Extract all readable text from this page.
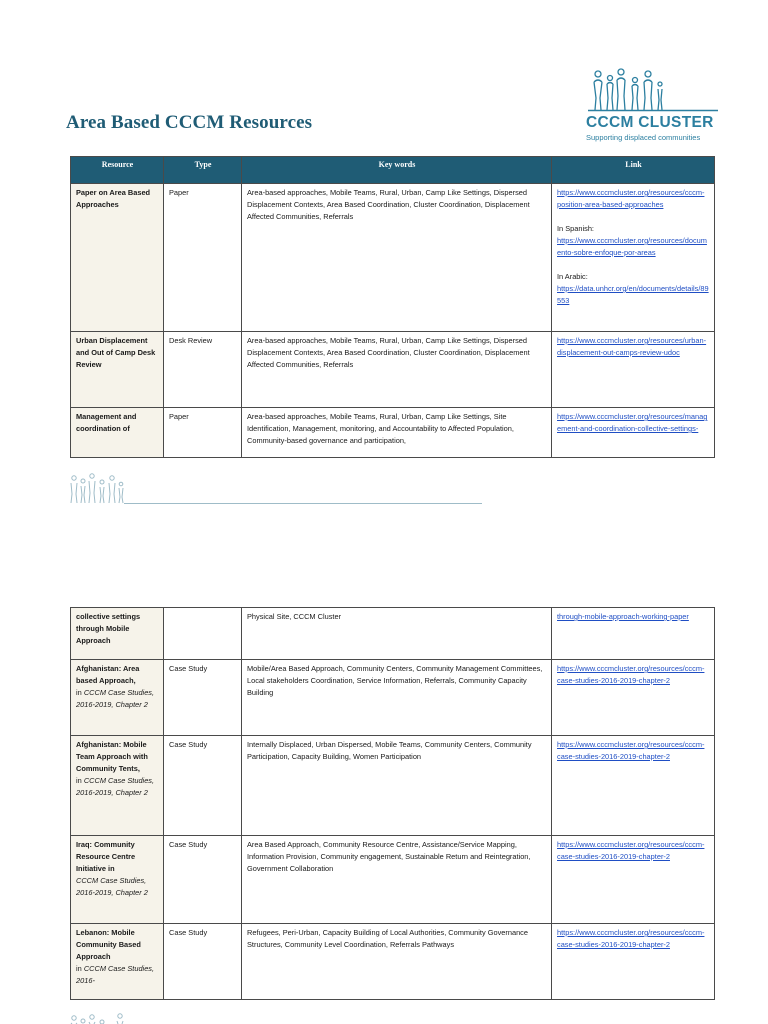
Area Based CCCM Resources	CCCM CLUSTER
Supporting displaced communities
Resource	Type	Key words	Link
Paper on Area Based Approaches	Paper	Area-based approaches, Mobile Teams, Rural, Urban, Camp Like Settings, Dispersed Displacement Contexts, Area Based Coordination, Cluster Coordination, Displacement Affected Communities, Referrals	https://www.cccmcluster.org/resources/cccm-position-area-based-approaches
In Spanish:
https://www.cccmcluster.org/resources/documento-sobre-enfoque-por-areas
In Arabic:
https://data.unhcr.org/en/documents/details/89553

Urban Displacement and Out of Camp Desk Review	Desk Review	Area-based approaches, Mobile Teams, Rural, Urban, Camp Like Settings, Dispersed Displacement Contexts, Area Based Coordination, Cluster Coordination, Displacement Affected Communities, Referrals	https://www.cccmcluster.org/resources/urban-displacement-out-camps-review-udoc

Management and coordination of	Paper	Area-based approaches, Mobile Teams, Rural, Urban, Camp Like Settings, Site Identification, Management, monitoring, and Accountability to Affected Population, Community-based governance and participation,	https://www.cccmcluster.org/resources/management-and-coordination-collective-settings-
collective settings through Mobile Approach		Physical Site, CCCM Cluster	through-mobile-approach-working-paper

Afghanistan: Area based Approach,
in CCCM Case Studies, 2016-2019, Chapter 2	Case Study	Mobile/Area Based Approach, Community Centers, Community Management Committees, Local stakeholders Coordination, Service Information, Referrals, Community Capacity Building	https://www.cccmcluster.org/resources/cccm-case-studies-2016-2019-chapter-2

Afghanistan: Mobile Team Approach with Community Tents,
in CCCM Case Studies, 2016-2019, Chapter 2	Case Study	Internally Displaced, Urban Dispersed, Mobile Teams, Community Centers, Community Participation, Capacity Building, Women Participation	https://www.cccmcluster.org/resources/cccm-case-studies-2016-2019-chapter-2

Iraq: Community Resource Centre Initiative in
CCCM Case Studies, 2016-2019, Chapter 2	Case Study	Area Based Approach, Community Resource Centre, Assistance/Service Mapping, Information Provision, Community engagement, Sustainable Return and Reintegration, Government Collaboration	https://www.cccmcluster.org/resources/cccm-case-studies-2016-2019-chapter-2

Lebanon: Mobile Community Based Approach
in CCCM Case Studies, 2016-	Case Study	Refugees, Peri-Urban, Capacity Building of Local Authorities, Community Governance Structures, Community Level Coordination, Referrals Pathways	https://www.cccmcluster.org/resources/cccm-case-studies-2016-2019-chapter-2
